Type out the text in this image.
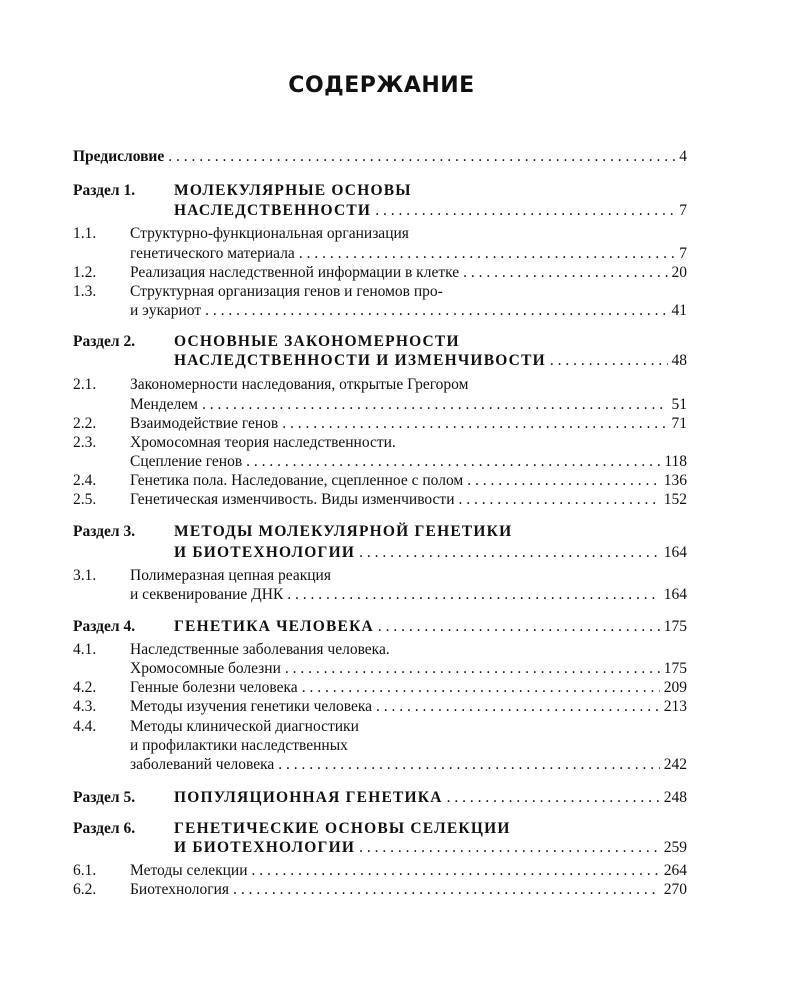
СОДЕРЖАНИЕ
Предисловие . . .	4
Раздел 1.	МОЛЕКУЛЯРНЫЕ ОСНОВЫ
НАСЛЕДСТВЕННОСТИ . . .	7
1.1. Структурно-функциональная организация
генетического материала . . .	7
1.2. Реализация наследственной информации в клетке . . .	20
1.3. Структурная организация генов и геномов про-
и эукариот . . .	41
Раздел 2.	ОСНОВНЫЕ ЗАКОНОМЕРНОСТИ
НАСЛЕДСТВЕННОСТИ И ИЗМЕНЧИВОСТИ . . .	48
2.1. Закономерности наследования, открытые Грегором
Менделем . . .	51
2.2. Взаимодействие генов . . .	71
2.3. Хромосомная теория наследственности.
Сцепление генов . . .	118
2.4. Генетика пола. Наследование, сцепленное с полом . . .	136
2.5. Генетическая изменчивость. Виды изменчивости . . .	152
Раздел 3.	МЕТОДЫ МОЛЕКУЛЯРНОЙ ГЕНЕТИКИ
И БИОТЕХНОЛОГИИ . . .	164
3.1. Полимеразная цепная реакция
и секвенирование ДНК . . .	164
Раздел 4.	ГЕНЕТИКА ЧЕЛОВЕКА . . .	175
4.1. Наследственные заболевания человека.
Хромосомные болезни . . .	175
4.2. Генные болезни человека . . .	209
4.3. Методы изучения генетики человека . . .	213
4.4. Методы клинической диагностики
и профилактики наследственных
заболеваний человека . . .	242
Раздел 5.	ПОПУЛЯЦИОННАЯ ГЕНЕТИКА . . .	248
Раздел 6.	ГЕНЕТИЧЕСКИЕ ОСНОВЫ СЕЛЕКЦИИ
И БИОТЕХНОЛОГИИ . . .	259
6.1. Методы селекции . . .	264
6.2. Биотехнология . . .	270
